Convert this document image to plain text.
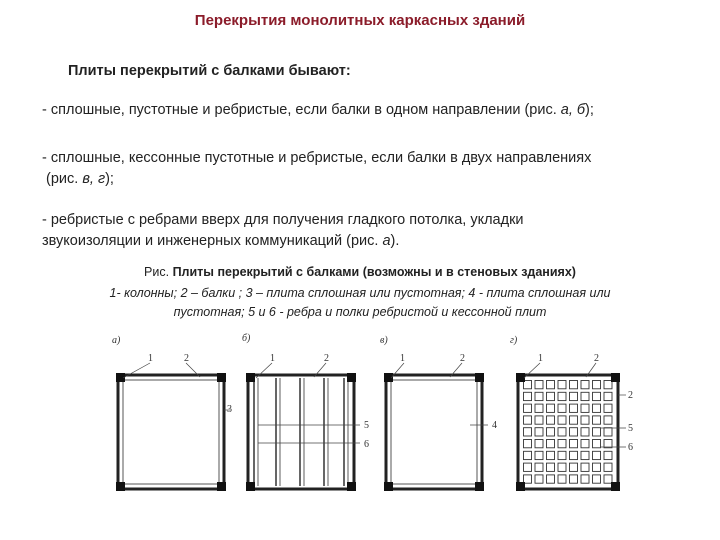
Перекрытия монолитных каркасных зданий
Плиты перекрытий с балками бывают:
- сплошные, пустотные и ребристые, если балки в одном направлении (рис. а, б);
- сплошные, кессонные пустотные и ребристые, если балки в двух направлениях
(рис. в, г);
- ребристые с ребрами вверх для получения гладкого потолка, укладки
звукоизоляции и инженерных коммуникаций (рис. а).
Рис. Плиты перекрытий с балками (возможны и в стеновых зданиях)
1- колонны; 2 – балки ; 3 – плита сплошная или пустотная; 4 - плита сплошная или
пустотная; 5 и 6 - ребра и полки ребристой и кессонной плит
а)
1	2
3
б)
1	2
5
6
в)
1	2
4
г)
1	2
2
5
6
